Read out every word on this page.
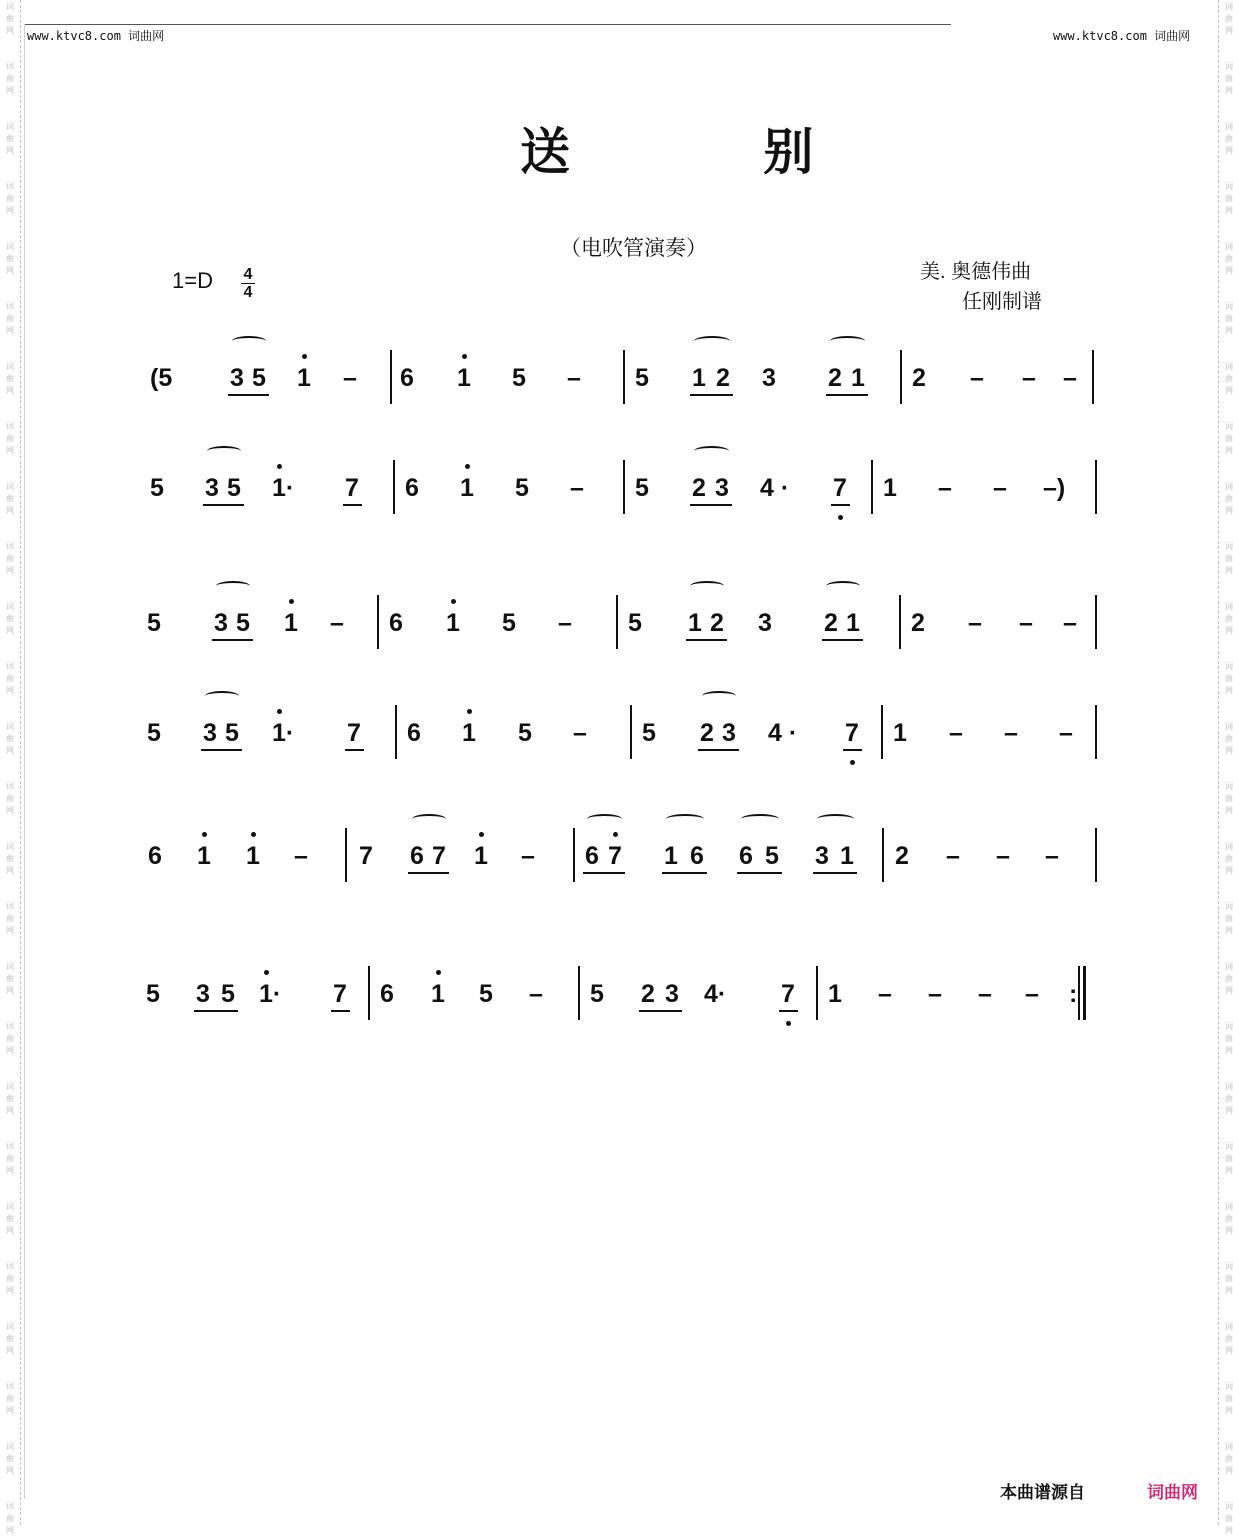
词
曲
网
词
曲
网
词
曲
网
词
曲
网
词
曲
网
词
曲
网
词
曲
网
词
曲
网
词
曲
网
词
曲
网
词
曲
网
词
曲
网
词
曲
网
词
曲
网
词
曲
网
词
曲
网
词
曲
网
词
曲
网
词
曲
网
词
曲
网
词
曲
网
词
曲
网
词
曲
网
词
曲
网
词
曲
网
词
曲
网
词
曲
网
词
曲
网
词
曲
网
词
曲
网
词
曲
网
词
曲
网
词
曲
网
词
曲
网
词
曲
网
词
曲
网
词
曲
网
词
曲
网
词
曲
网
词
曲
网
词
曲
网
词
曲
网
词
曲
网
词
曲
网
词
曲
网
词
曲
网
词
曲
网
词
曲
网
词
曲
网
词
曲
网
词
曲
网
词
曲
网
www.ktvc8.com 词曲网	www.ktvc8.com 词曲网
送 别
（电吹管演奏）
1=D 4
4
美. 奥德伟曲
任刚制谱
(5 3 5 1 – 6 1 5 – 5 1 2 3 2 1 2 – – –
5 3 5 1· 7 6 1 5 – 5 2 3 4 · 7 1 – – –)
5 3 5 1 – 6 1 5 – 5 1 2 3 2 1 2 – – –
5 3 5 1· 7 6 1 5 – 5 2 3 4 · 7 1 – – –
6 1 1 – 7 6 7 1 – 6 7 1 6 6 5 3 1 2 – – –
5 3 5 1· 7 6 1 5 – 5 2 3 4· 7 1 – – – – :
本曲谱源自	词曲网
